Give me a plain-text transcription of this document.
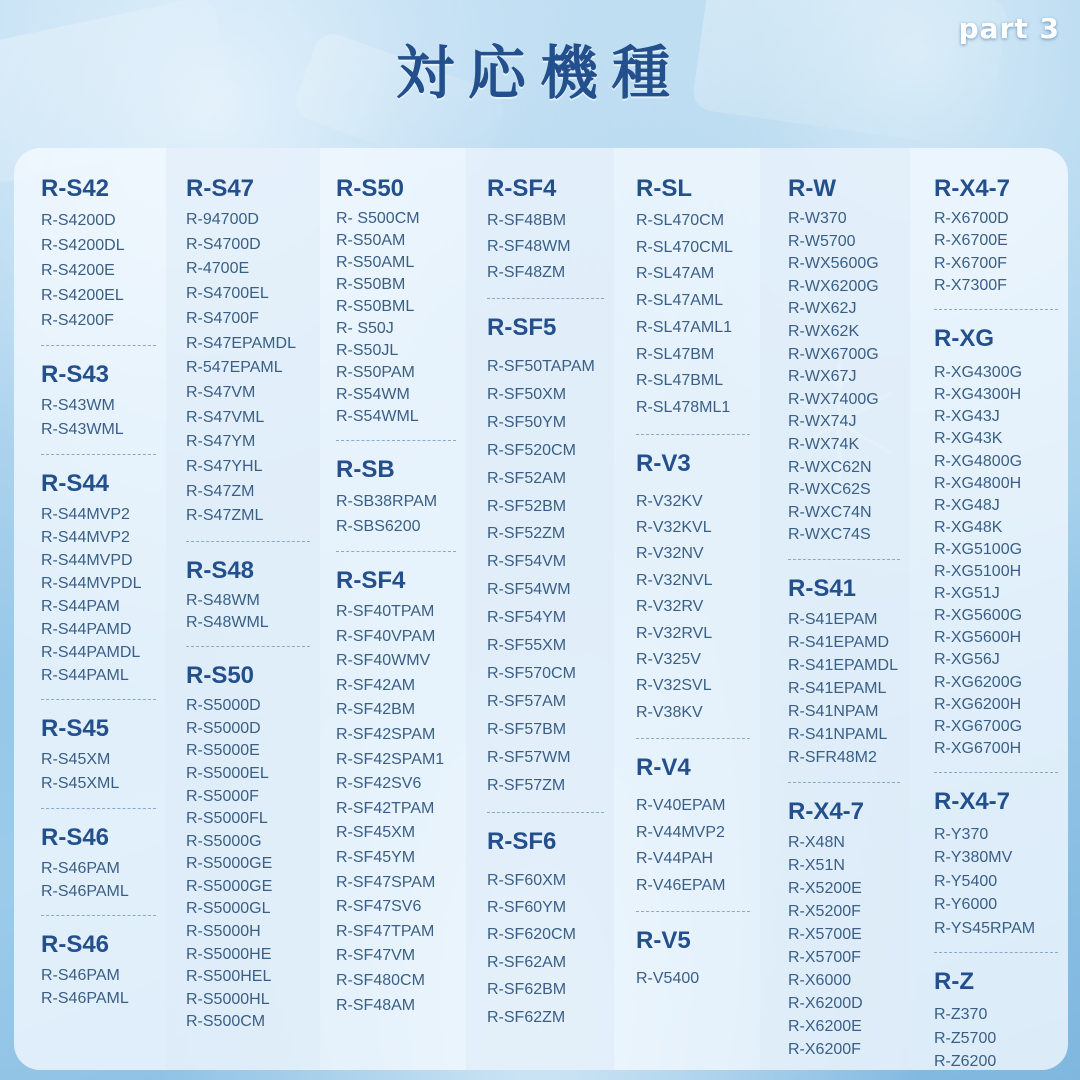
対応機種
part 3
R-S42
R-S4200D
R-S4200DL
R-S4200E
R-S4200EL
R-S4200F
R-S43
R-S43WM
R-S43WML
R-S44
R-S44MVP2
R-S44MVP2
R-S44MVPD
R-S44MVPDL
R-S44PAM
R-S44PAMD
R-S44PAMDL
R-S44PAML
R-S45
R-S45XM
R-S45XML
R-S46
R-S46PAM
R-S46PAML
R-S46
R-S46PAM
R-S46PAML
R-S47
R-94700D
R-S4700D
R-4700E
R-S4700EL
R-S4700F
R-S47EPAMDL
R-547EPAML
R-S47VM
R-S47VML
R-S47YM
R-S47YHL
R-S47ZM
R-S47ZML
R-S48
R-S48WM
R-S48WML
R-S50
R-S5000D
R-S5000D
R-S5000E
R-S5000EL
R-S5000F
R-S5000FL
R-S5000G
R-S5000GE
R-S5000GE
R-S5000GL
R-S5000H
R-S5000HE
R-S500HEL
R-S5000HL
R-S500CM
R-S50
R- S500CM
R-S50AM
R-S50AML
R-S50BM
R-S50BML
R- S50J
R-S50JL
R-S50PAM
R-S54WM
R-S54WML
R-SB
R-SB38RPAM
R-SBS6200
R-SF4
R-SF40TPAM
R-SF40VPAM
R-SF40WMV
R-SF42AM
R-SF42BM
R-SF42SPAM
R-SF42SPAM1
R-SF42SV6
R-SF42TPAM
R-SF45XM
R-SF45YM
R-SF47SPAM
R-SF47SV6
R-SF47TPAM
R-SF47VM
R-SF480CM
R-SF48AM
R-SF4
R-SF48BM
R-SF48WM
R-SF48ZM
R-SF5
R-SF50TAPAM
R-SF50XM
R-SF50YM
R-SF520CM
R-SF52AM
R-SF52BM
R-SF52ZM
R-SF54VM
R-SF54WM
R-SF54YM
R-SF55XM
R-SF570CM
R-SF57AM
R-SF57BM
R-SF57WM
R-SF57ZM
R-SF6
R-SF60XM
R-SF60YM
R-SF620CM
R-SF62AM
R-SF62BM
R-SF62ZM
R-SL
R-SL470CM
R-SL470CML
R-SL47AM
R-SL47AML
R-SL47AML1
R-SL47BM
R-SL47BML
R-SL478ML1
R-V3
R-V32KV
R-V32KVL
R-V32NV
R-V32NVL
R-V32RV
R-V32RVL
R-V325V
R-V32SVL
R-V38KV
R-V4
R-V40EPAM
R-V44MVP2
R-V44PAH
R-V46EPAM
R-V5
R-V5400
R-W
R-W370
R-W5700
R-WX5600G
R-WX6200G
R-WX62J
R-WX62K
R-WX6700G
R-WX67J
R-WX7400G
R-WX74J
R-WX74K
R-WXC62N
R-WXC62S
R-WXC74N
R-WXC74S
R-S41
R-S41EPAM
R-S41EPAMD
R-S41EPAMDL
R-S41EPAML
R-S41NPAM
R-S41NPAML
R-SFR48M2
R-X4-7
R-X48N
R-X51N
R-X5200E
R-X5200F
R-X5700E
R-X5700F
R-X6000
R-X6200D
R-X6200E
R-X6200F
R-X4-7
R-X6700D
R-X6700E
R-X6700F
R-X7300F
R-XG
R-XG4300G
R-XG4300H
R-XG43J
R-XG43K
R-XG4800G
R-XG4800H
R-XG48J
R-XG48K
R-XG5100G
R-XG5100H
R-XG51J
R-XG5600G
R-XG5600H
R-XG56J
R-XG6200G
R-XG6200H
R-XG6700G
R-XG6700H
R-X4-7
R-Y370
R-Y380MV
R-Y5400
R-Y6000
R-YS45RPAM
R-Z
R-Z370
R-Z5700
R-Z6200
